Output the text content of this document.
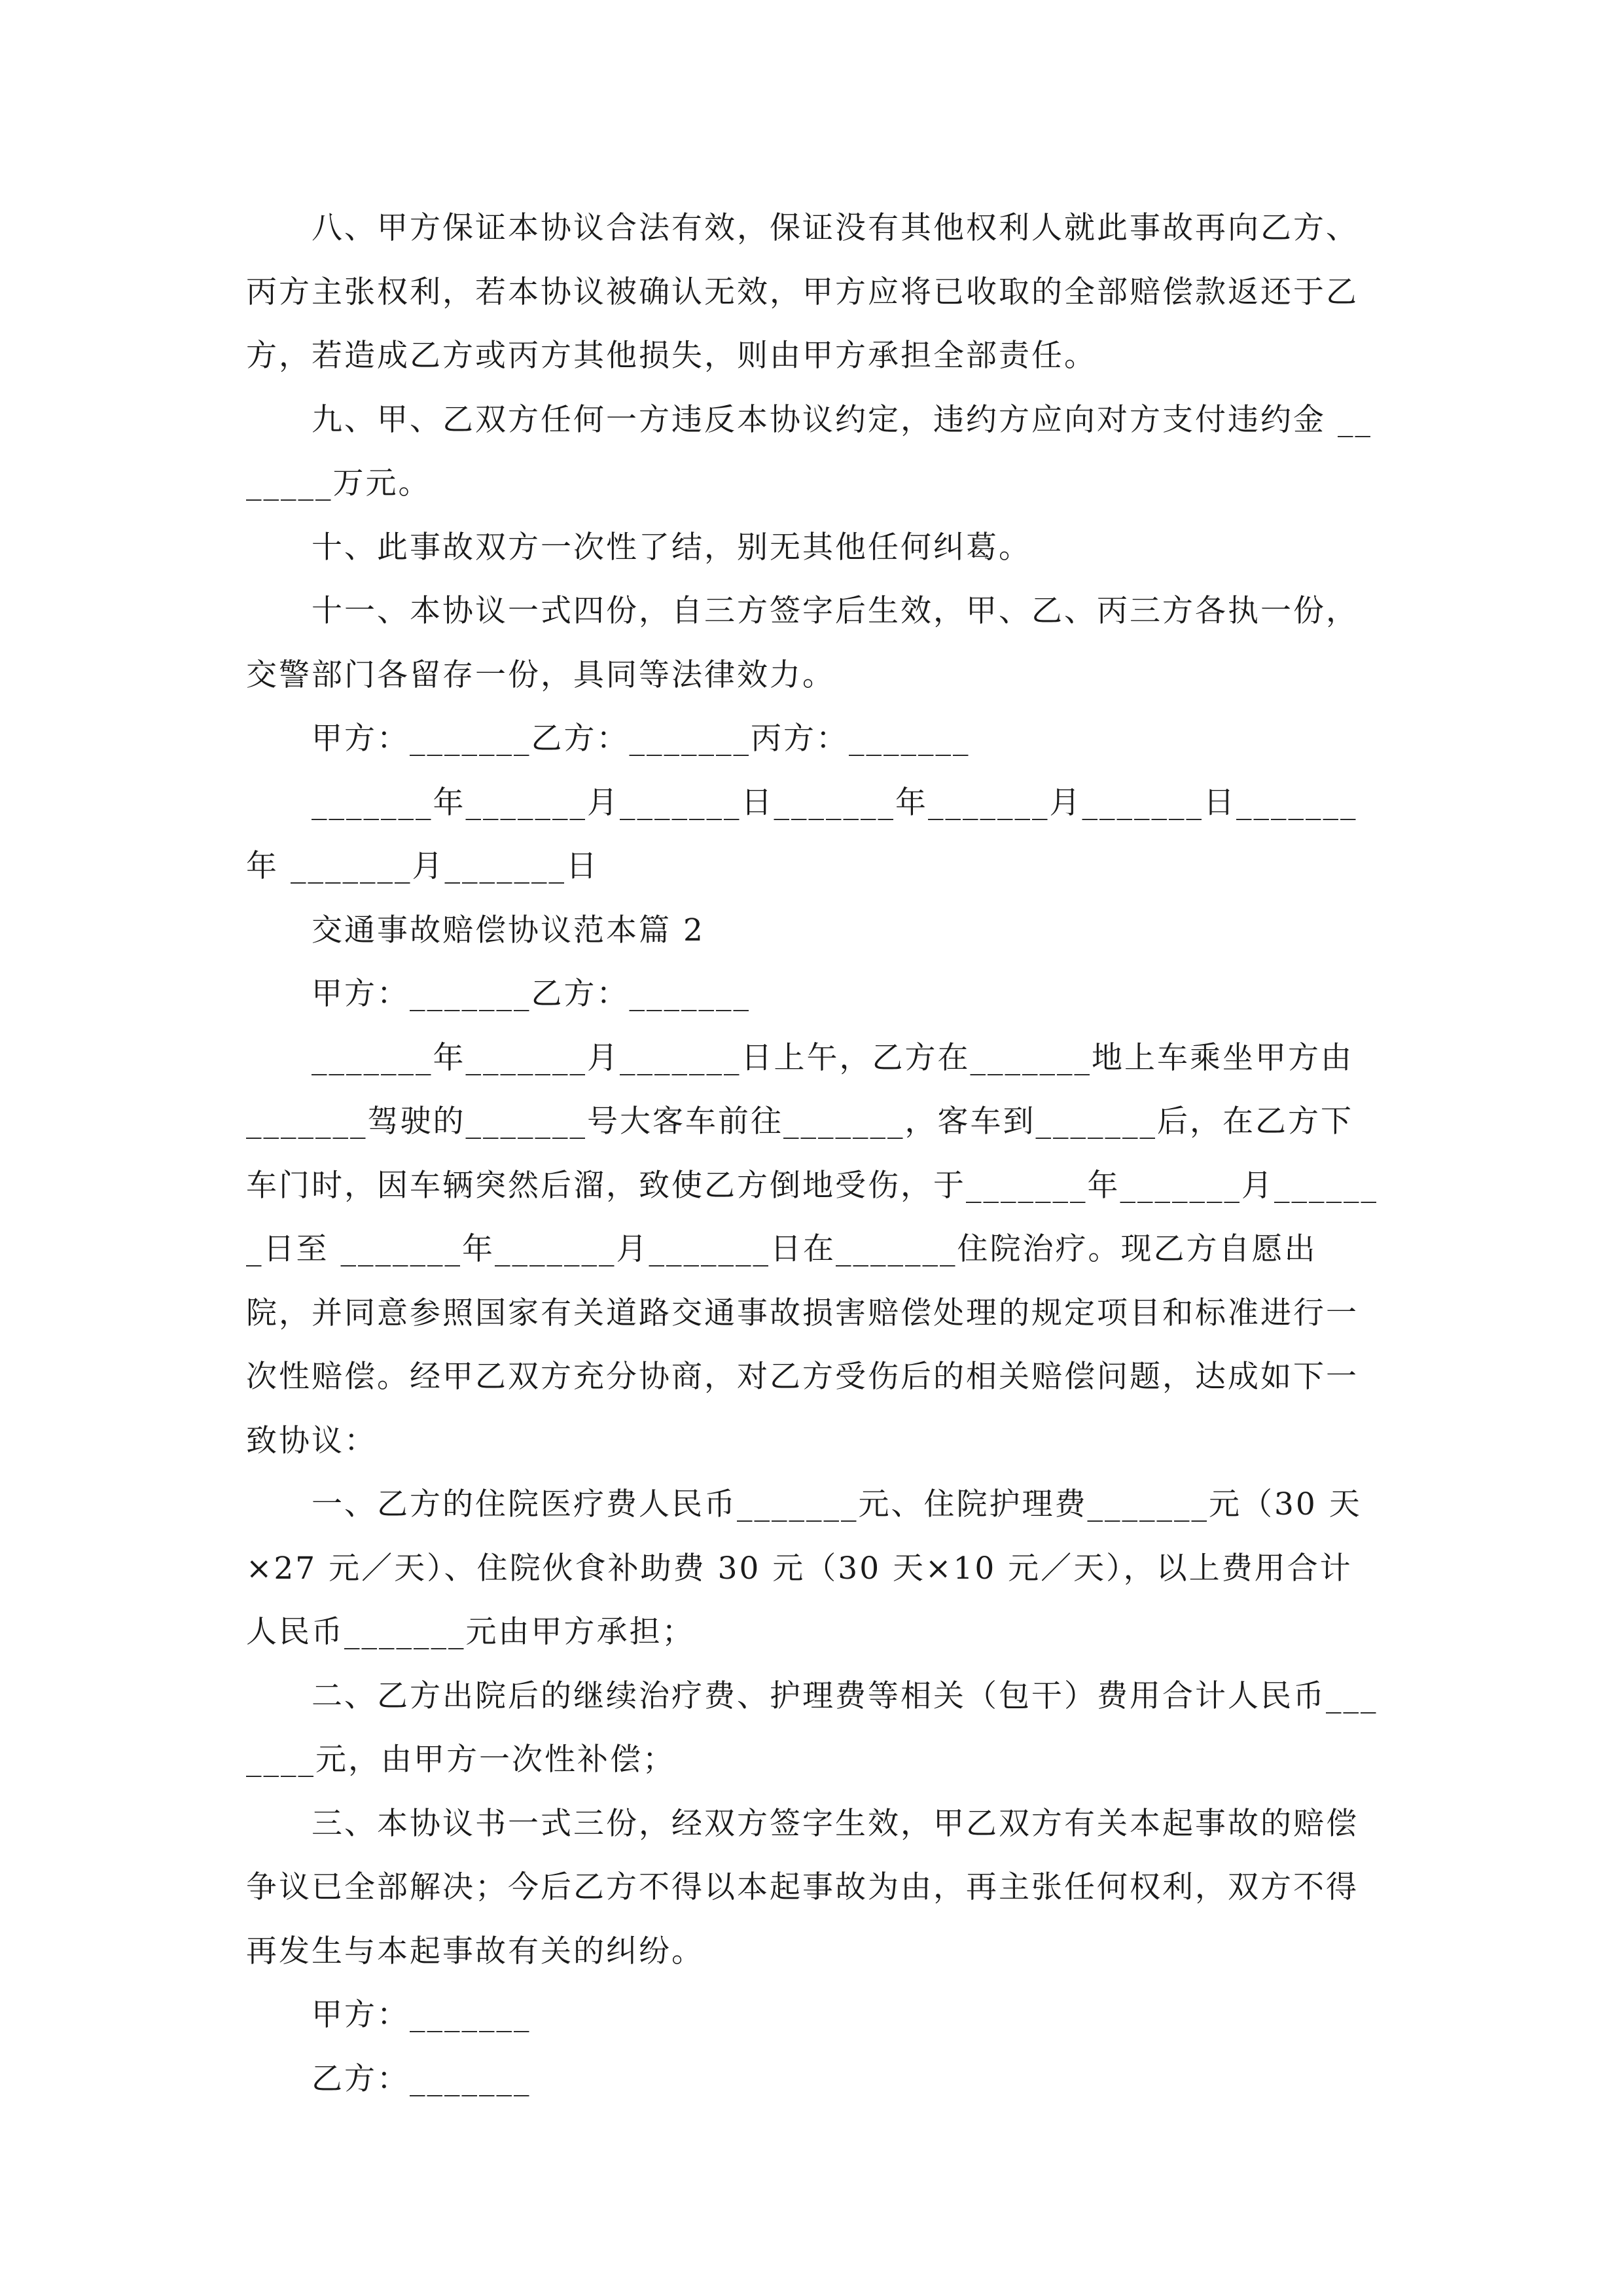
八、甲方保证本协议合法有效，保证没有其他权利人就此事故再向乙方、丙方主张权利，若本协议被确认无效，甲方应将已收取的全部赔偿款返还于乙方，若造成乙方或丙方其他损失，则由甲方承担全部责任。

九、甲、乙双方任何一方违反本协议约定，违约方应向对方支付违约金 _______万元。

十、此事故双方一次性了结，别无其他任何纠葛。

十一、本协议一式四份，自三方签字后生效，甲、乙、丙三方各执一份，交警部门各留存一份，具同等法律效力。

甲方：_______乙方：_______丙方：_______

_______年_______月_______日_______年_______月_______日_______年 _______月_______日

交通事故赔偿协议范本篇 2

甲方：_______乙方：_______

_______年_______月_______日上午，乙方在_______地上车乘坐甲方由 _______驾驶的_______号大客车前往_______，客车到_______后，在乙方下车门时，因车辆突然后溜，致使乙方倒地受伤，于_______年_______月_______日至 _______年_______月_______日在_______住院治疗。现乙方自愿出院，并同意参照国家有关道路交通事故损害赔偿处理的规定项目和标准进行一次性赔偿。经甲乙双方充分协商，对乙方受伤后的相关赔偿问题，达成如下一致协议：

一、乙方的住院医疗费人民币_______元、住院护理费_______元（30 天×27 元／天）、住院伙食补助费 30 元（30 天×10 元／天），以上费用合计人民币_______元由甲方承担；

二、乙方出院后的继续治疗费、护理费等相关（包干）费用合计人民币_______元，由甲方一次性补偿；

三、本协议书一式三份，经双方签字生效，甲乙双方有关本起事故的赔偿争议已全部解决；今后乙方不得以本起事故为由，再主张任何权利，双方不得再发生与本起事故有关的纠纷。

甲方：_______

乙方：_______
